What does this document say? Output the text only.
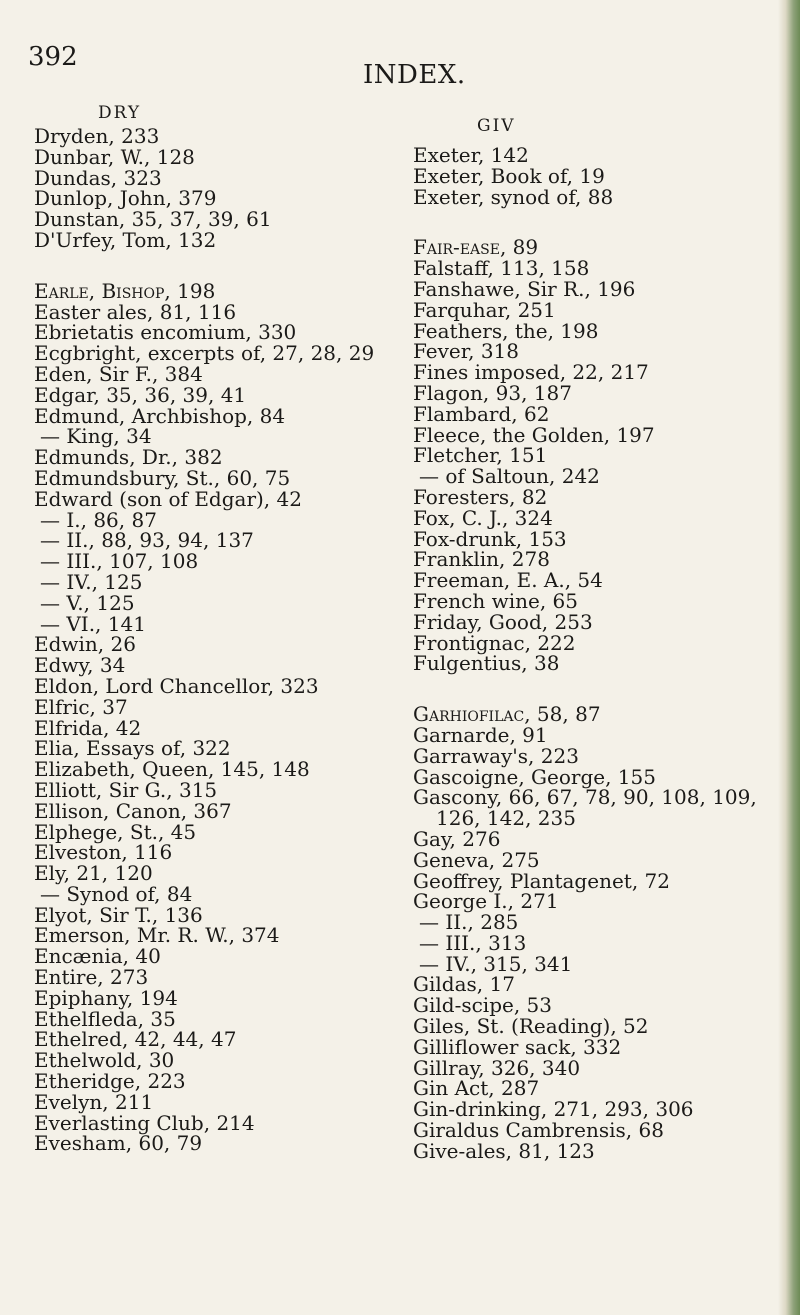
392
INDEX.
DRY
Dryden, 233
Dunbar, W., 128
Dundas, 323
Dunlop, John, 379
Dunstan, 35, 37, 39, 61
D'Urfey, Tom, 132
Earle, Bishop, 198
Easter ales, 81, 116
Ebrietatis encomium, 330
Ecgbright, excerpts of, 27, 28, 29
Eden, Sir F., 384
Edgar, 35, 36, 39, 41
Edmund, Archbishop, 84
— King, 34
Edmunds, Dr., 382
Edmundsbury, St., 60, 75
Edward (son of Edgar), 42
— I., 86, 87
— II., 88, 93, 94, 137
— III., 107, 108
— IV., 125
— V., 125
— VI., 141
Edwin, 26
Edwy, 34
Eldon, Lord Chancellor, 323
Elfric, 37
Elfrida, 42
Elia, Essays of, 322
Elizabeth, Queen, 145, 148
Elliott, Sir G., 315
Ellison, Canon, 367
Elphege, St., 45
Elveston, 116
Ely, 21, 120
— Synod of, 84
Elyot, Sir T., 136
Emerson, Mr. R. W., 374
Encænia, 40
Entire, 273
Epiphany, 194
Ethelfleda, 35
Ethelred, 42, 44, 47
Ethelwold, 30
Etheridge, 223
Evelyn, 211
Everlasting Club, 214
Evesham, 60, 79
GIV
Exeter, 142
Exeter, Book of, 19
Exeter, synod of, 88
Fair-ease, 89
Falstaff, 113, 158
Fanshawe, Sir R., 196
Farquhar, 251
Feathers, the, 198
Fever, 318
Fines imposed, 22, 217
Flagon, 93, 187
Flambard, 62
Fleece, the Golden, 197
Fletcher, 151
— of Saltoun, 242
Foresters, 82
Fox, C. J., 324
Fox-drunk, 153
Franklin, 278
Freeman, E. A., 54
French wine, 65
Friday, Good, 253
Frontignac, 222
Fulgentius, 38
Garhiofilac, 58, 87
Garnarde, 91
Garraway's, 223
Gascoigne, George, 155
Gascony, 66, 67, 78, 90, 108, 109,
126, 142, 235
Gay, 276
Geneva, 275
Geoffrey, Plantagenet, 72
George I., 271
— II., 285
— III., 313
— IV., 315, 341
Gildas, 17
Gild-scipe, 53
Giles, St. (Reading), 52
Gilliflower sack, 332
Gillray, 326, 340
Gin Act, 287
Gin-drinking, 271, 293, 306
Giraldus Cambrensis, 68
Give-ales, 81, 123
